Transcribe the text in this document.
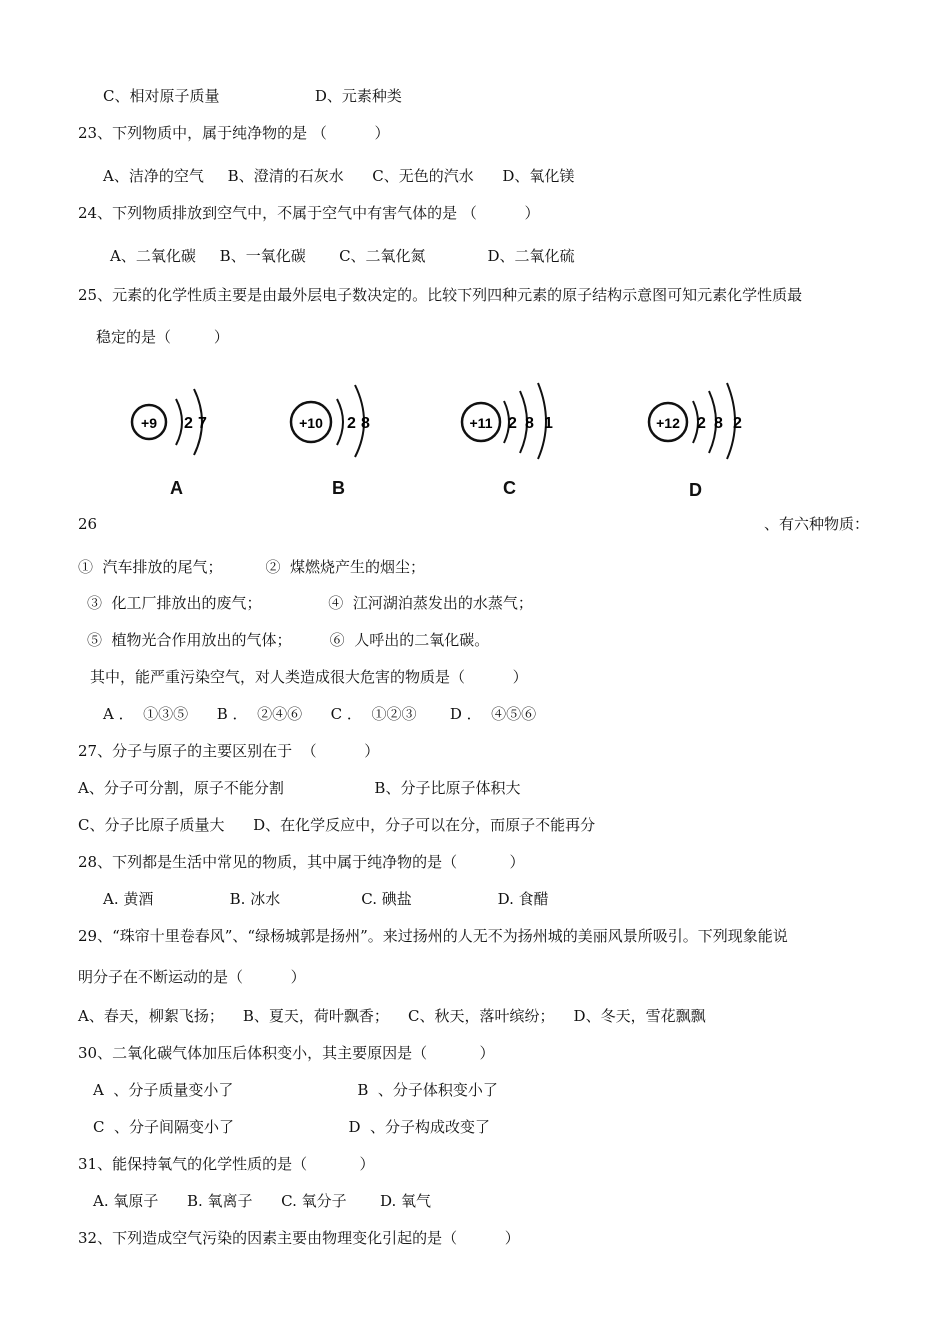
C、相对原子质量                    D、元素种类
23、下列物质中，属于纯净物的是 （          ）
A、洁净的空气     B、澄清的石灰水      C、无色的汽水      D、氧化镁
24、下列物质排放到空气中，不属于空气中有害气体的是 （          ）
A、二氧化碳     B、一氧化碳       C、二氧化氮             D、二氧化硫
25、元素的化学性质主要是由最外层电子数决定的。比较下列四种元素的原子结构示意图可知元素化学性质最
稳定的是（         ）
+9 2 7
A
+10 2 8
B
+11 2 8 1
C
+12 2 8 2
D
26	、有六种物质：
①  汽车排放的尾气；         ②  煤燃烧产生的烟尘；
③  化工厂排放出的废气；              ④  江河湖泊蒸发出的水蒸气；
⑤  植物光合作用放出的气体；        ⑥  人呼出的二氧化碳。
其中，能严重污染空气，对人类造成很大危害的物质是（          ）
A ．  ①③⑤      B ．  ②④⑥      C ．  ①②③       D ．  ④⑤⑥
27、分子与原子的主要区别在于  （          ）
A、分子可分割，原子不能分割                   B、分子比原子体积大
C、分子比原子质量大      D、在化学反应中，分子可以在分，而原子不能再分
28、下列都是生活中常见的物质，其中属于纯净物的是（           ）
A. 黄酒                B. 冰水                 C. 碘盐                  D. 食醋
29、“珠帘十里卷春风”、“绿杨城郭是扬州”。来过扬州的人无不为扬州城的美丽风景所吸引。下列现象能说
明分子在不断运动的是（          ）
A、春天，柳絮飞扬；    B、夏天，荷叶飘香；    C、秋天，落叶缤纷；    D、冬天，雪花飘飘
30、二氧化碳气体加压后体积变小，其主要原因是（           ）
A  、分子质量变小了                          B  、分子体积变小了
C  、分子间隔变小了                        D  、分子构成改变了
31、能保持氧气的化学性质的是（           ）
A. 氧原子      B. 氧离子      C. 氧分子       D. 氧气
32、下列造成空气污染的因素主要由物理变化引起的是（          ）
